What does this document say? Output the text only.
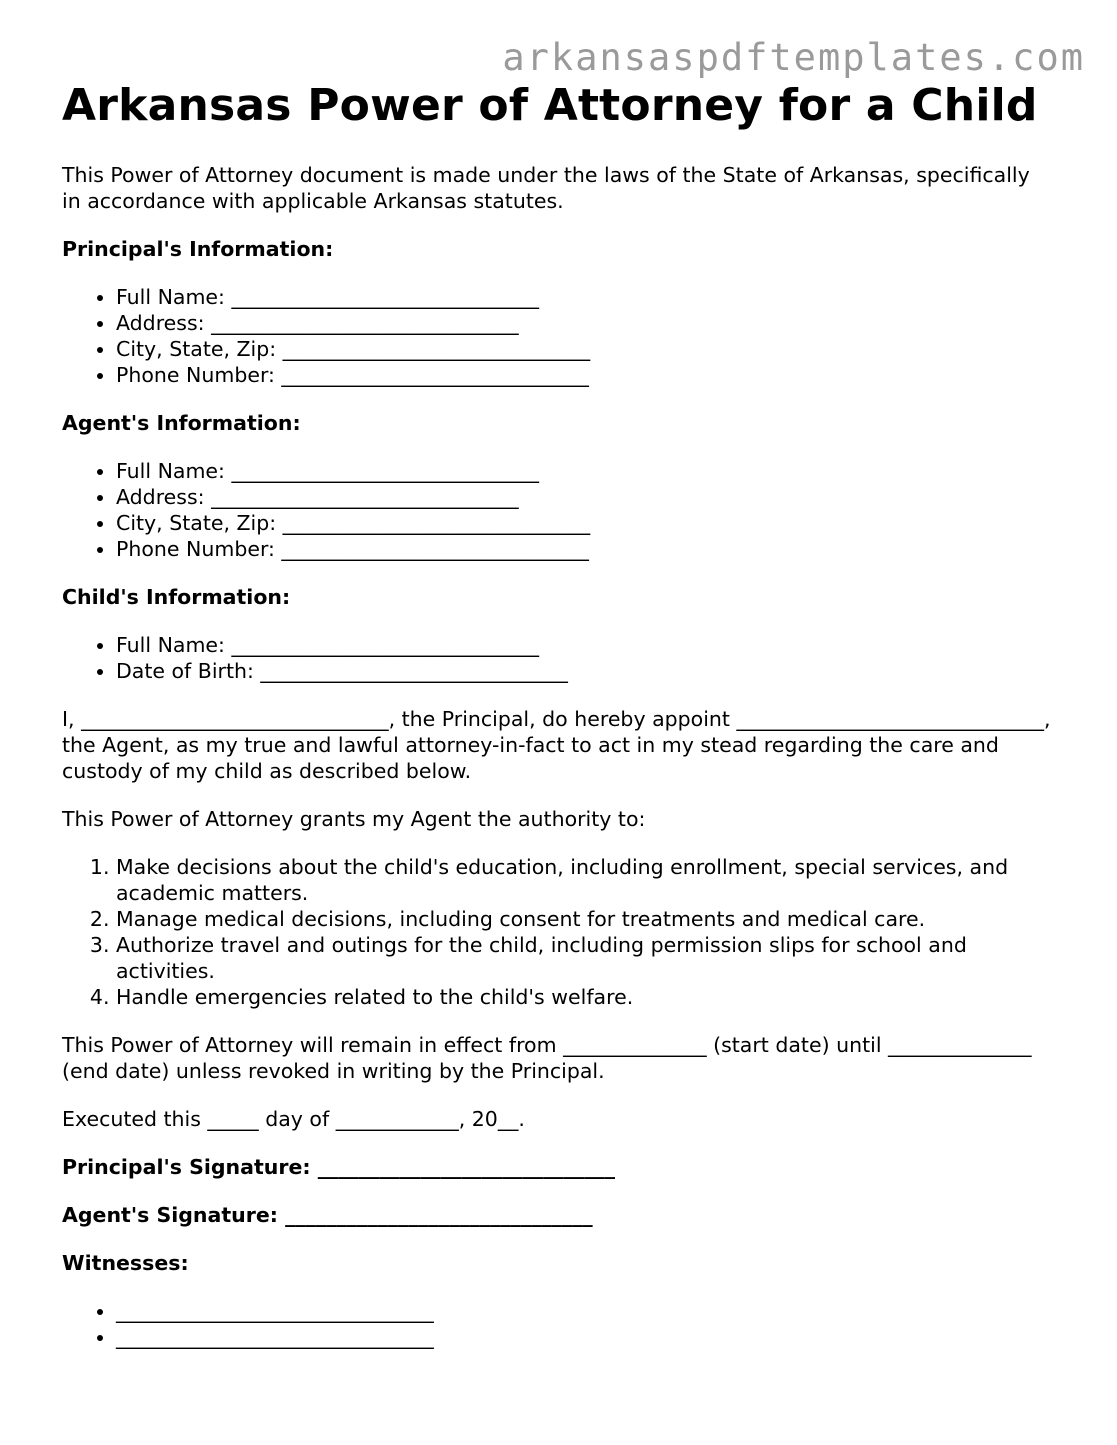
arkansaspdftemplates.com
Arkansas Power of Attorney for a Child

This Power of Attorney document is made under the laws of the State of Arkansas, specifically in accordance with applicable Arkansas statutes.

Principal's Information:

• Full Name: ______________________________
• Address: ______________________________
• City, State, Zip: ______________________________
• Phone Number: ______________________________

Agent's Information:

• Full Name: ______________________________
• Address: ______________________________
• City, State, Zip: ______________________________
• Phone Number: ______________________________

Child's Information:

• Full Name: ______________________________
• Date of Birth: ______________________________

I, ______________________________, the Principal, do hereby appoint ______________________________, the Agent, as my true and lawful attorney-in-fact to act in my stead regarding the care and custody of my child as described below.

This Power of Attorney grants my Agent the authority to:

1. Make decisions about the child's education, including enrollment, special services, and academic matters.
2. Manage medical decisions, including consent for treatments and medical care.
3. Authorize travel and outings for the child, including permission slips for school and activities.
4. Handle emergencies related to the child's welfare.

This Power of Attorney will remain in effect from ______________ (start date) until ______________ (end date) unless revoked in writing by the Principal.

Executed this _____ day of ____________, 20__.

Principal's Signature: _____________________________

Agent's Signature: ______________________________

Witnesses:

• _______________________________
• _______________________________
